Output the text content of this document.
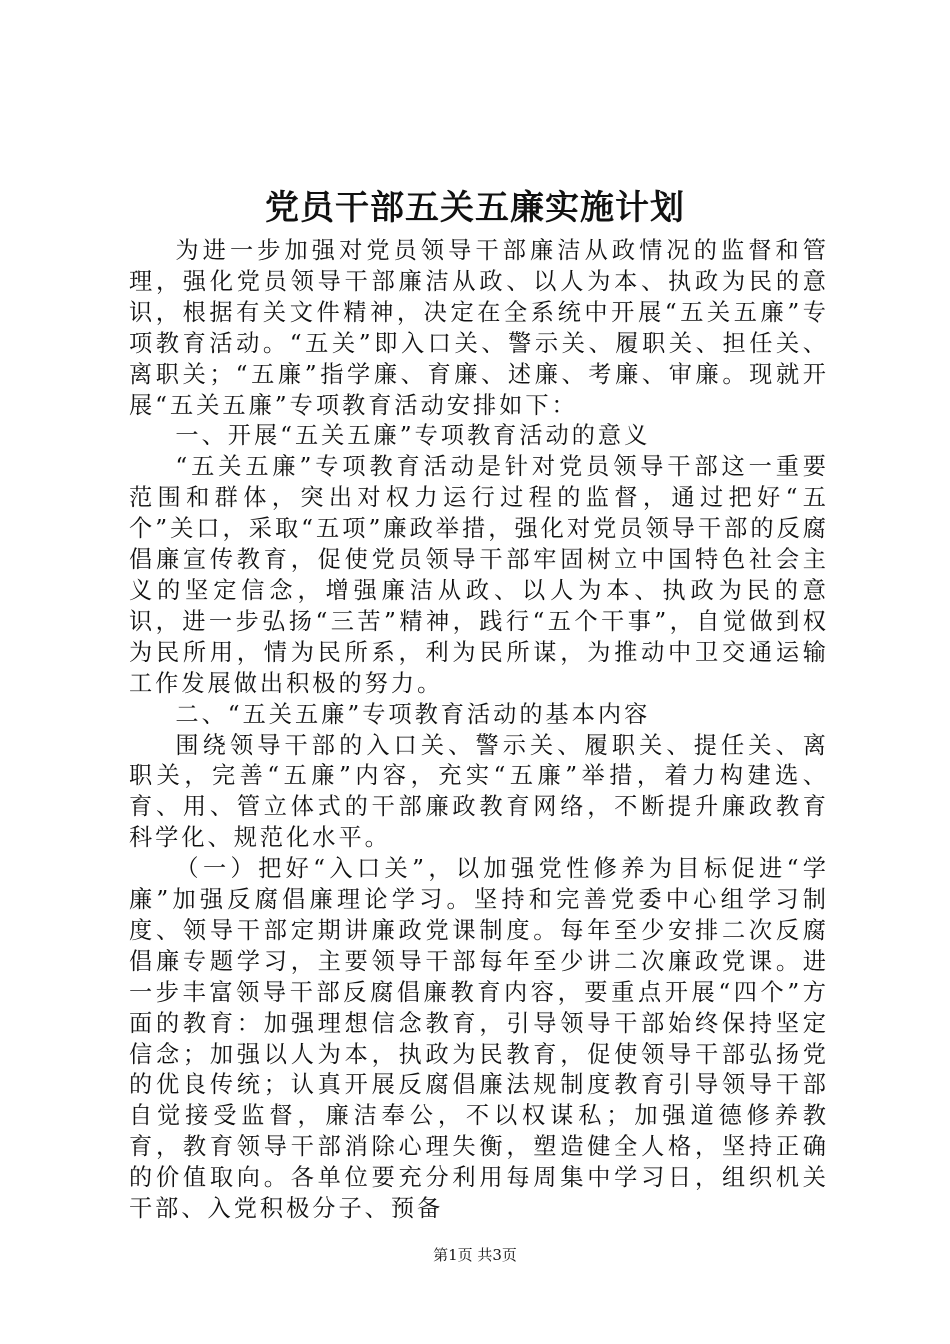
党员干部五关五廉实施计划

为进一步加强对党员领导干部廉洁从政情况的监督和管理，强化党员领导干部廉洁从政、以人为本、执政为民的意识，根据有关文件精神，决定在全系统中开展“五关五廉”专项教育活动。“五关”即入口关、警示关、履职关、担任关、离职关；“五廉”指学廉、育廉、述廉、考廉、审廉。现就开展“五关五廉”专项教育活动安排如下：

一、开展“五关五廉”专项教育活动的意义

“五关五廉”专项教育活动是针对党员领导干部这一重要范围和群体，突出对权力运行过程的监督，通过把好“五个”关口，采取“五项”廉政举措，强化对党员领导干部的反腐倡廉宣传教育，促使党员领导干部牢固树立中国特色社会主义的坚定信念，增强廉洁从政、以人为本、执政为民的意识，进一步弘扬“三苦”精神，践行“五个干事”，自觉做到权为民所用，情为民所系，利为民所谋，为推动中卫交通运输工作发展做出积极的努力。

二、“五关五廉”专项教育活动的基本内容

围绕领导干部的入口关、警示关、履职关、提任关、离职关，完善“五廉”内容，充实“五廉”举措，着力构建选、育、用、管立体式的干部廉政教育网络，不断提升廉政教育科学化、规范化水平。

（一）把好“入口关”，以加强党性修养为目标促进“学廉”加强反腐倡廉理论学习。坚持和完善党委中心组学习制度、领导干部定期讲廉政党课制度。每年至少安排二次反腐倡廉专题学习，主要领导干部每年至少讲二次廉政党课。进一步丰富领导干部反腐倡廉教育内容，要重点开展“四个”方面的教育：加强理想信念教育，引导领导干部始终保持坚定信念；加强以人为本，执政为民教育，促使领导干部弘扬党的优良传统；认真开展反腐倡廉法规制度教育引导领导干部自觉接受监督，廉洁奉公，不以权谋私；加强道德修养教育，教育领导干部消除心理失衡，塑造健全人格，坚持正确的价值取向。各单位要充分利用每周集中学习日，组织机关干部、入党积极分子、预备

第1页 共3页
